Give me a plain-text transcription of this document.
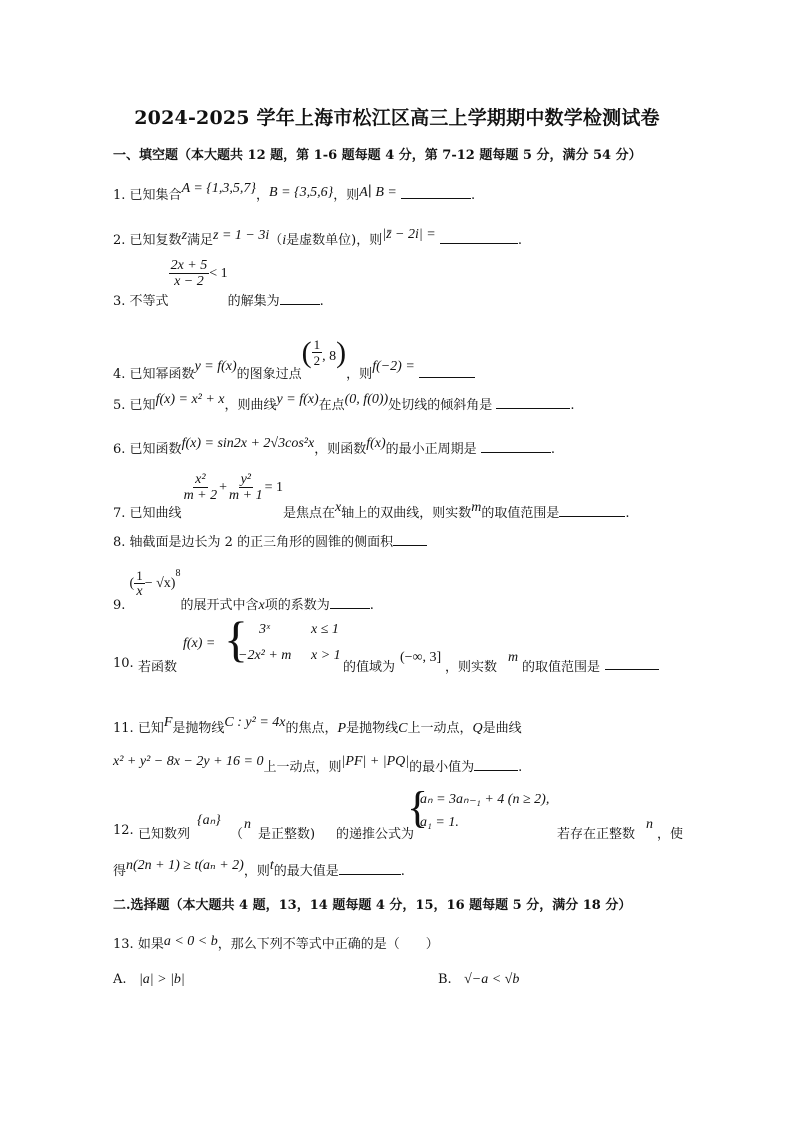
2024-2025 学年上海市松江区高三上学期期中数学检测试卷
一、填空题（本大题共 12 题，第 1-6 题每题 4 分，第 7-12 题每题 5 分，满分 54 分）
1. 已知集合A = {1,3,5,7}，B = {3,5,6}，则A∣ B =	.
2. 已知复数z满足z = 1 − 3i（i是虚数单位)，则|z̄ − 2i| =	.
3. 不等式
$\frac{2x + 5}{x - 2} < 1$的解集为	.
4. 已知幂函数y = f(x)的图象过点( $\frac{1}{2}$ , 8)，则f(−2) =
5. 已知f(x) = x² + x，则曲线y = f(x)在点(0, f(0))处切线的倾斜角是	.
6. 已知函数f(x) = sin2x + 2√3cos²x，则函数f(x)的最小正周期是	.
7. 已知曲线
$\frac{\text{x²}}{m + 2} + \frac{\text{y²}}{m + 1} = 1$是焦点在x轴上的双曲线，则实数m的取值范围是	.
8. 轴截面是边长为 2 的正三角形的圆锥的侧面积
9. ( $\frac{1}{x} - √x)^8$的展开式中含x项的系数为	.
10. 若函数
f(x) = { 3ˣ	x ≤ 1
−2x² + m x > 1
的值域为
(−∞, 3]
，则实数
m
的取值范围是
11. 已知F是抛物线C : y² = 4x的焦点，P是抛物线C上一动点，Q是曲线
x² + y² − 8x − 2y + 16 = 0上一动点，则|PF| + |PQ|的最小值为	.
12. 已知数列
{aₙ}
（
n
是正整数) 的递推公式为
{
aₙ = 3aₙ₋₁ + 4 (n ≥ 2),
a₁ = 1.
若存在正整数
n
，使
得n(2n + 1) ≥ t(aₙ + 2)，则t的最大值是	.
二.选择题（本大题共 4 题，13，14 题每题 4 分，15，16 题每题 5 分，满分 18 分）
13. 如果a < 0 < b，那么下列不等式中正确的是（　　）
A. |a| > |b|	B. √−a < √b
